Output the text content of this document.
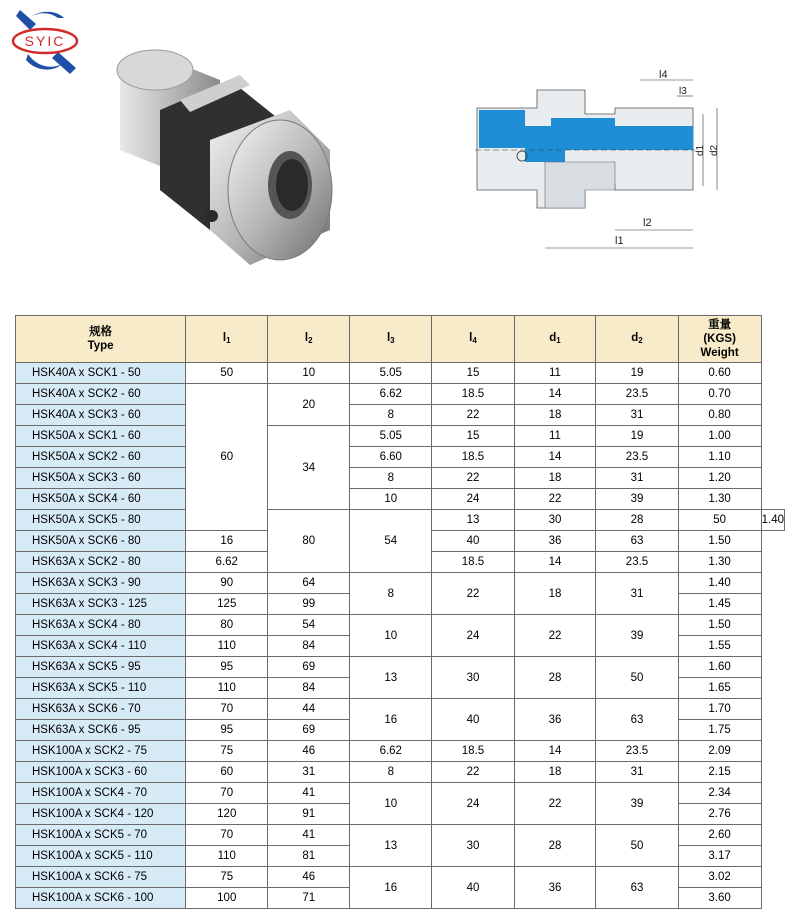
SYIC
l1
l2
l4
l3
d1 d2
规格
Type	$l_1$	$l_2$	$l_3$	$l_4$	$d_1$	$d_2$	重量
(KGS)
Weight	
HSK40A x SCK1 - 50	50	10	5.05	15	11	19	0.60	
HSK40A x SCK2 - 60	60	20	6.62	18.5	14	23.5	0.70	
HSK40A x SCK3 - 60			8	22	18	31	0.80	
HSK50A x SCK1 - 60		34	5.05	15	11	19	1.00	
HSK50A x SCK2 - 60			6.60	18.5	14	23.5	1.10	
HSK50A x SCK3 - 60			8	22	18	31	1.20	
HSK50A x SCK4 - 60			10	24	22	39	1.30	
HSK50A x SCK5 - 80		80	54	13	30	28	50	1.40
HSK50A x SCK6 - 80	16			40	36	63	1.50	
HSK63A x SCK2 - 80	6.62			18.5	14	23.5	1.30	
HSK63A x SCK3 - 90	90	64	8	22	18	31	1.40	
HSK63A x SCK3 - 125	125	99					1.45	
HSK63A x SCK4 - 80	80	54	10	24	22	39	1.50	
HSK63A x SCK4 - 110	110	84					1.55	
HSK63A x SCK5 - 95	95	69	13	30	28	50	1.60	
HSK63A x SCK5 - 110	110	84					1.65	
HSK63A x SCK6 - 70	70	44	16	40	36	63	1.70	
HSK63A x SCK6 - 95	95	69					1.75	
HSK100A x SCK2 - 75	75	46	6.62	18.5	14	23.5	2.09	
HSK100A x SCK3 - 60	60	31	8	22	18	31	2.15	
HSK100A x SCK4 - 70	70	41	10	24	22	39	2.34	
HSK100A x SCK4 - 120	120	91					2.76	
HSK100A x SCK5 - 70	70	41	13	30	28	50	2.60	
HSK100A x SCK5 - 110	110	81					3.17	
HSK100A x SCK6 - 75	75	46	16	40	36	63	3.02	
HSK100A x SCK6 - 100	100	71					3.60	
